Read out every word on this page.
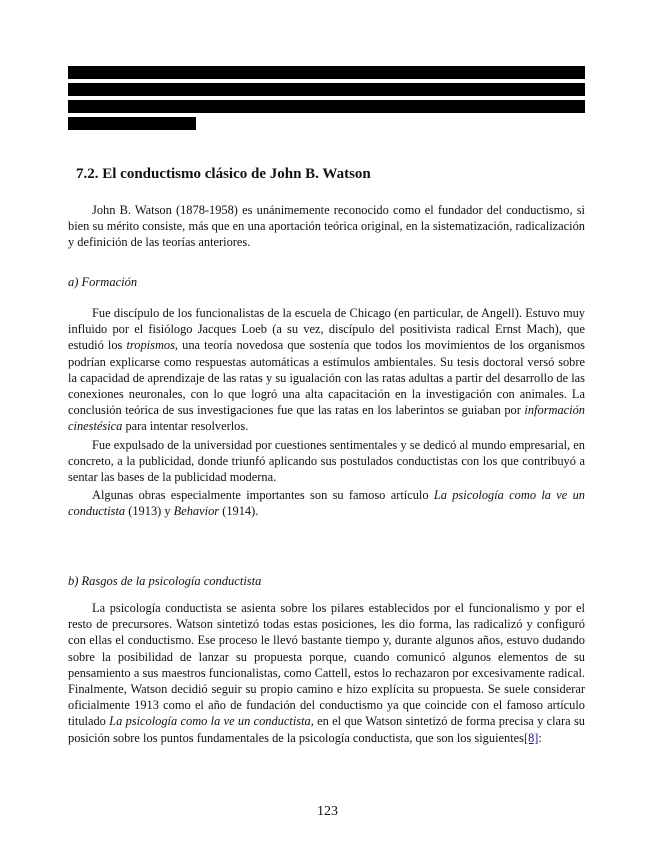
7.2. El conductismo clásico de John B. Watson

John B. Watson (1878-1958) es unánimemente reconocido como el fundador del conductismo, si bien su mérito consiste, más que en una aportación teórica original, en la sistematización, radicalización y definición de las teorías anteriores.

a) Formación

Fue discípulo de los funcionalistas de la escuela de Chicago (en particular, de Angell). Estuvo muy influido por el fisiólogo Jacques Loeb (a su vez, discípulo del positivista radical Ernst Mach), que estudió los tropismos, una teoría novedosa que sostenía que todos los movimientos de los organismos podrían explicarse como respuestas automáticas a estímulos ambientales. Su tesis doctoral versó sobre la capacidad de aprendizaje de las ratas y su igualación con las ratas adultas a partir del desarrollo de las conexiones neuronales, con lo que logró una alta capacitación en la investigación con animales. La conclusión teórica de sus investigaciones fue que las ratas en los laberintos se guiaban por información cinestésica para intentar resolverlos.

Fue expulsado de la universidad por cuestiones sentimentales y se dedicó al mundo empresarial, en concreto, a la publicidad, donde triunfó aplicando sus postulados conductistas con los que contribuyó a sentar las bases de la publicidad moderna.

Algunas obras especialmente importantes son su famoso artículo La psicología como la ve un conductista (1913) y Behavior (1914).

b) Rasgos de la psicología conductista

La psicología conductista se asienta sobre los pilares establecidos por el funcionalismo y por el resto de precursores. Watson sintetizó todas estas posiciones, les dio forma, las radicalizó y configuró con ellas el conductismo. Ese proceso le llevó bastante tiempo y, durante algunos años, estuvo dudando sobre la posibilidad de lanzar su propuesta porque, cuando comunicó algunos elementos de su pensamiento a sus maestros funcionalistas, como Cattell, estos lo rechazaron por excesivamente radical. Finalmente, Watson decidió seguir su propio camino e hizo explícita su propuesta. Se suele considerar oficialmente 1913 como el año de fundación del conductismo ya que coincide con el famoso artículo titulado La psicología como la ve un conductista, en el que Watson sintetizó de forma precisa y clara su posición sobre los puntos fundamentales de la psicología conductista, que son los siguientes[8]:

123
